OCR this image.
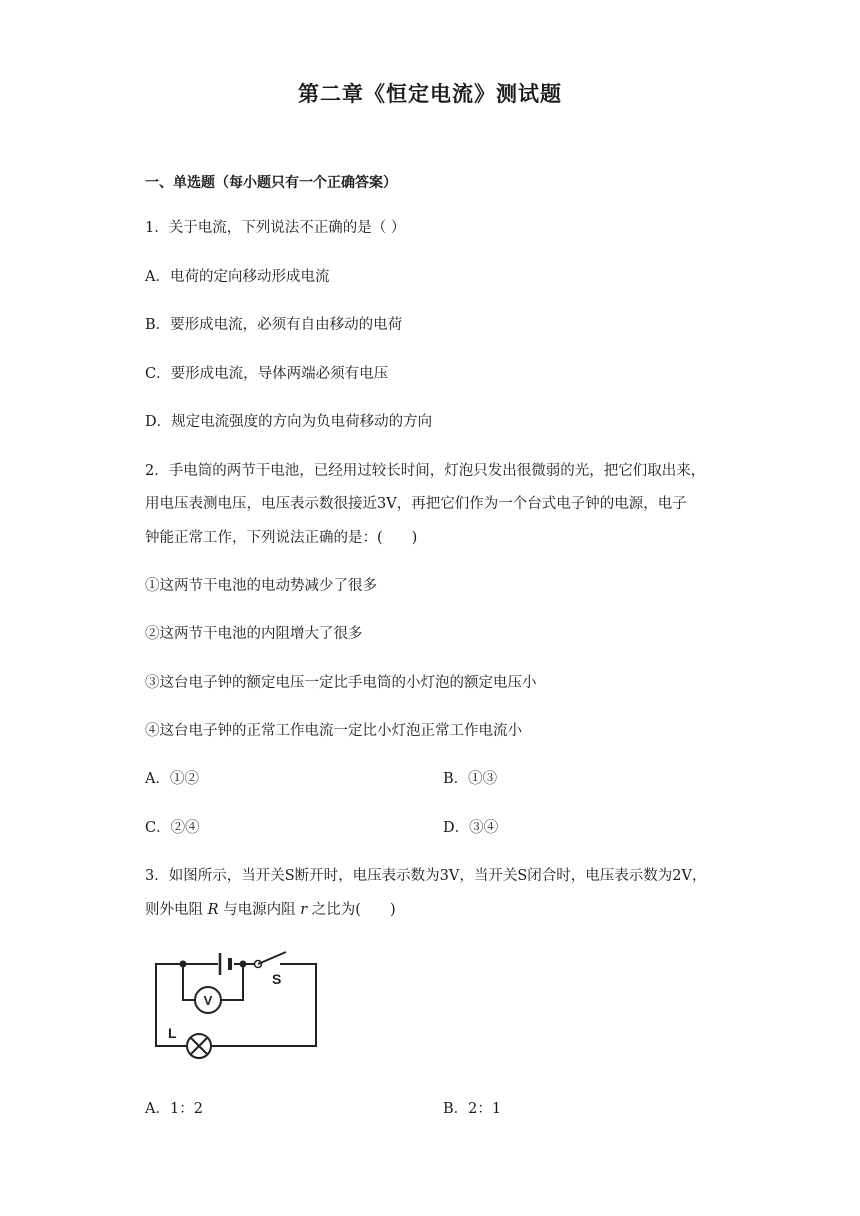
第二章《恒定电流》测试题
一、单选题（每小题只有一个正确答案）
1．关于电流，下列说法不正确的是（ ）
A．电荷的定向移动形成电流
B．要形成电流，必须有自由移动的电荷
C．要形成电流，导体两端必须有电压
D．规定电流强度的方向为负电荷移动的方向
2．手电筒的两节干电池，已经用过较长时间，灯泡只发出很微弱的光，把它们取出来，
用电压表测电压，电压表示数很接近3V，再把它们作为一个台式电子钟的电源，电子
钟能正常工作，下列说法正确的是：(　　)
①这两节干电池的电动势减少了很多
②这两节干电池的内阻增大了很多
③这台电子钟的额定电压一定比手电筒的小灯泡的额定电压小
④这台电子钟的正常工作电流一定比小灯泡正常工作电流小
A．①②	B．①③
C．②④	D．③④
3．如图所示，当开关S断开时，电压表示数为3V，当开关S闭合时，电压表示数为2V，
则外电阻 R 与电源内阻 r 之比为(　　)
V
S
L
A．1：2	B．2：1
